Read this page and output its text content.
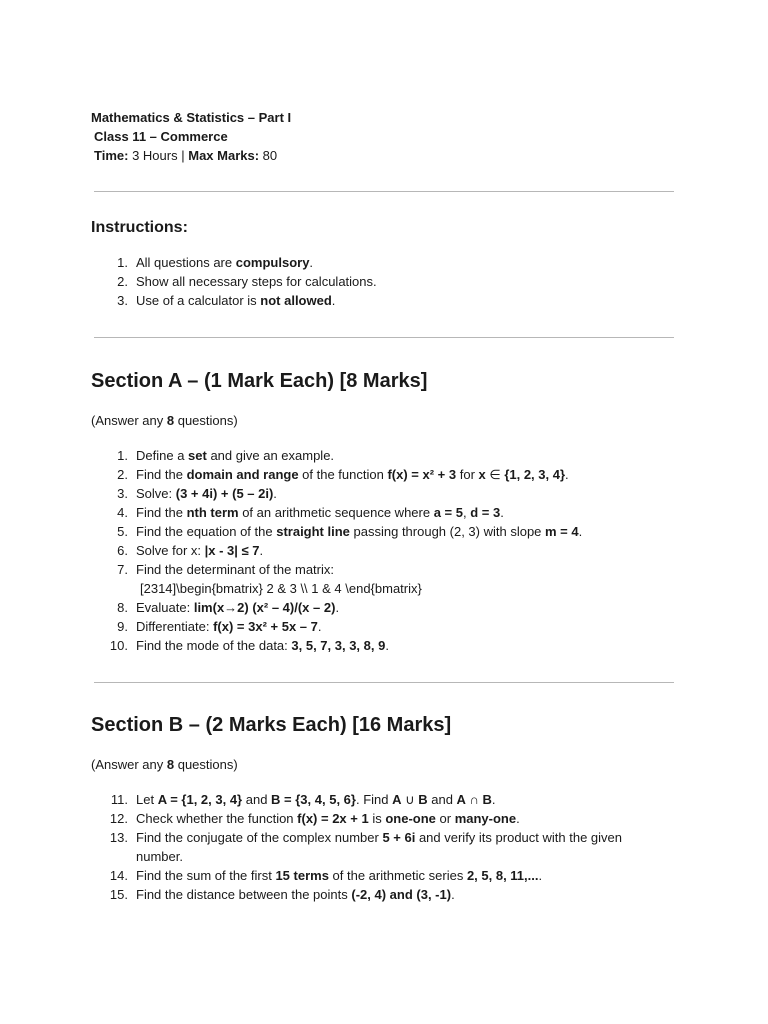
Mathematics & Statistics – Part I
Class 11 – Commerce
Time: 3 Hours | Max Marks: 80
Instructions:
1. All questions are compulsory.
2. Show all necessary steps for calculations.
3. Use of a calculator is not allowed.
Section A – (1 Mark Each) [8 Marks]
(Answer any 8 questions)
1. Define a set and give an example.
2. Find the domain and range of the function f(x) = x² + 3 for x ∈ {1, 2, 3, 4}.
3. Solve: (3 + 4i) + (5 – 2i).
4. Find the nth term of an arithmetic sequence where a = 5, d = 3.
5. Find the equation of the straight line passing through (2, 3) with slope m = 4.
6. Solve for x: |x - 3| ≤ 7.
7. Find the determinant of the matrix:
[2314]\begin{bmatrix} 2 & 3 \\ 1 & 4 \end{bmatrix}
8. Evaluate: lim(x→2) (x² – 4)/(x – 2).
9. Differentiate: f(x) = 3x² + 5x – 7.
10. Find the mode of the data: 3, 5, 7, 3, 3, 8, 9.
Section B – (2 Marks Each) [16 Marks]
(Answer any 8 questions)
11. Let A = {1, 2, 3, 4} and B = {3, 4, 5, 6}. Find A ∪ B and A ∩ B.
12. Check whether the function f(x) = 2x + 1 is one-one or many-one.
13. Find the conjugate of the complex number 5 + 6i and verify its product with the given number.
14. Find the sum of the first 15 terms of the arithmetic series 2, 5, 8, 11,....
15. Find the distance between the points (-2, 4) and (3, -1).
